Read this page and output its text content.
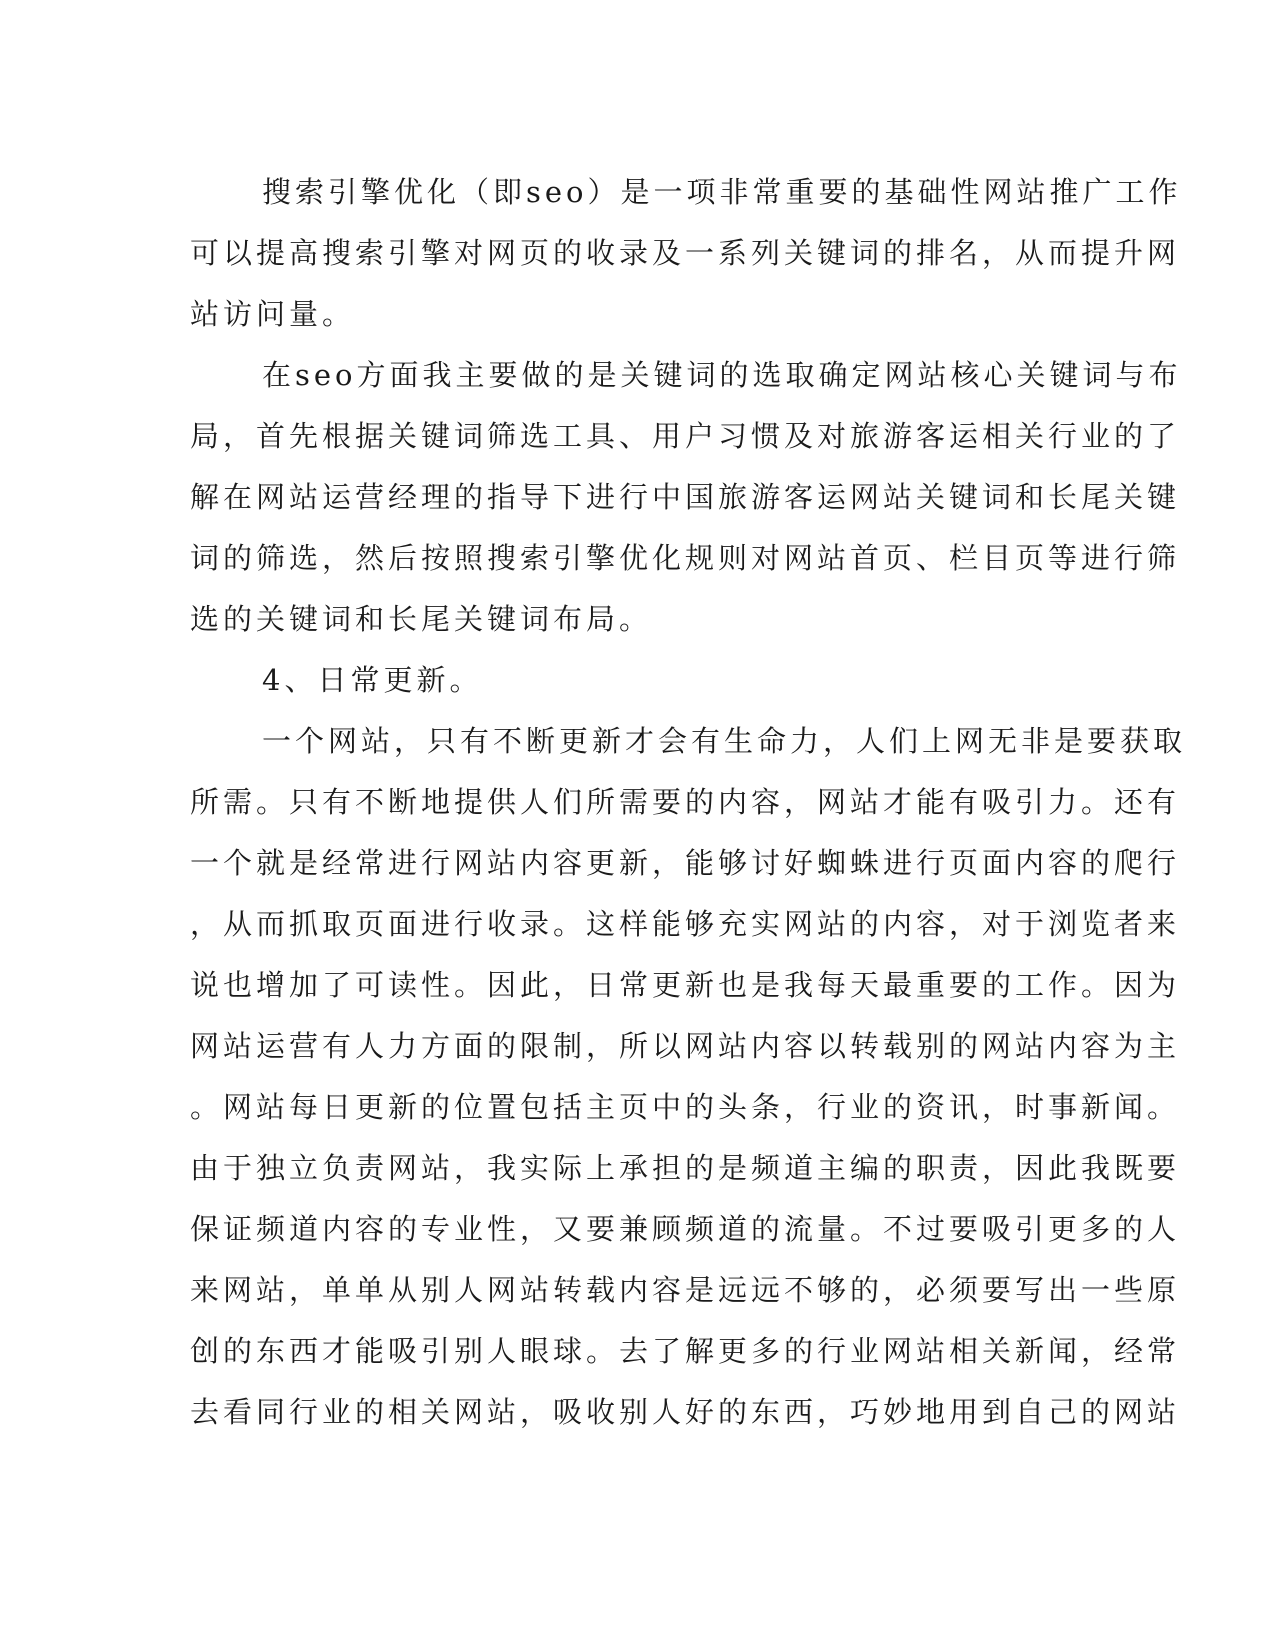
搜索引擎优化（即seo）是一项非常重要的基础性网站推广工作
可以提高搜索引擎对网页的收录及一系列关键词的排名，从而提升网
站访问量。
在seo方面我主要做的是关键词的选取确定网站核心关键词与布
局，首先根据关键词筛选工具、用户习惯及对旅游客运相关行业的了
解在网站运营经理的指导下进行中国旅游客运网站关键词和长尾关键
词的筛选，然后按照搜索引擎优化规则对网站首页、栏目页等进行筛
选的关键词和长尾关键词布局。
4、日常更新。
一个网站，只有不断更新才会有生命力，人们上网无非是要获取
所需。只有不断地提供人们所需要的内容，网站才能有吸引力。还有
一个就是经常进行网站内容更新，能够讨好蜘蛛进行页面内容的爬行
，从而抓取页面进行收录。这样能够充实网站的内容，对于浏览者来
说也增加了可读性。因此，日常更新也是我每天最重要的工作。因为
网站运营有人力方面的限制，所以网站内容以转载别的网站内容为主
。网站每日更新的位置包括主页中的头条，行业的资讯，时事新闻。
由于独立负责网站，我实际上承担的是频道主编的职责，因此我既要
保证频道内容的专业性，又要兼顾频道的流量。不过要吸引更多的人
来网站，单单从别人网站转载内容是远远不够的，必须要写出一些原
创的东西才能吸引别人眼球。去了解更多的行业网站相关新闻，经常
去看同行业的相关网站，吸收别人好的东西，巧妙地用到自己的网站
